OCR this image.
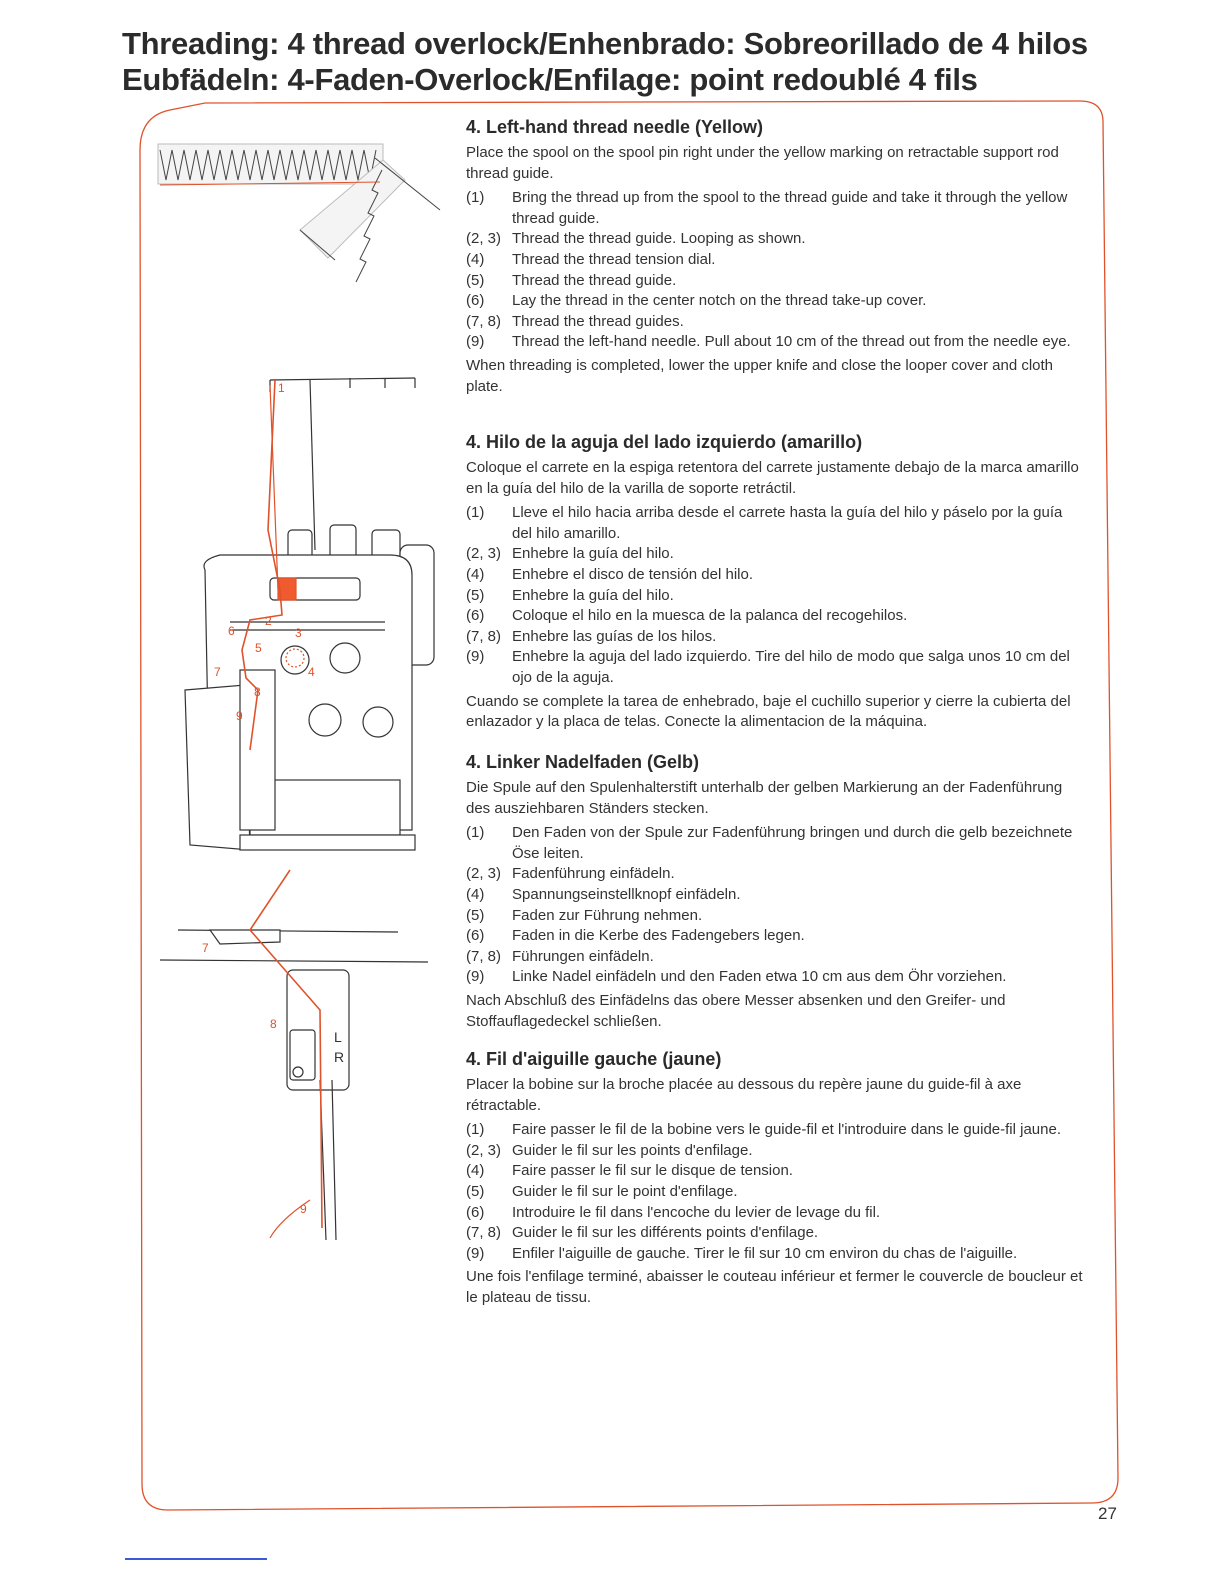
Threading: 4 thread overlock/Enhenbrado: Sobreorillado de 4 hilos
Eubfädeln: 4-Faden-Overlock/Enfilage: point redoublé 4 fils
L
R
1
2
3
4
5
6
7
8
9
7
8
9
4. Left-hand thread needle (Yellow)

Place the spool on the spool pin right under the yellow marking on retractable support rod thread guide.

(1)	Bring the thread up from the spool to the thread guide and take it through the yellow thread guide.
(2, 3) Thread the thread guide. Looping as shown.
(4)	Thread the thread tension dial.
(5)	Thread the thread guide.
(6)	Lay the thread in the center notch on the thread take-up cover.
(7, 8) Thread the thread guides.
(9)	Thread the left-hand needle. Pull about 10 cm of the thread out from the needle eye.

When threading is completed, lower the upper knife and close the looper cover and cloth plate.

4. Hilo de la aguja del lado izquierdo (amarillo)

Coloque el carrete en la espiga retentora del carrete justamente debajo de la marca amarillo en la guía del hilo de la varilla de soporte retráctil.

(1)	Lleve el hilo hacia arriba desde el carrete hasta la guía del hilo y páselo por la guía del hilo amarillo.
(2, 3) Enhebre la guía del hilo.
(4)	Enhebre el disco de tensión del hilo.
(5)	Enhebre la guía del hilo.
(6)	Coloque el hilo en la muesca de la palanca del recogehilos.
(7, 8) Enhebre las guías de los hilos.
(9)	Enhebre la aguja del lado izquierdo. Tire del hilo de modo que salga unos 10 cm del ojo de la aguja.

Cuando se complete la tarea de enhebrado, baje el cuchillo superior y cierre la cubierta del enlazador y la placa de telas. Conecte la alimentacion de la máquina.

4. Linker Nadelfaden (Gelb)

Die Spule auf den Spulenhalterstift unterhalb der gelben Markierung an der Fadenführung des ausziehbaren Ständers stecken.

(1)	Den Faden von der Spule zur Fadenführung bringen und durch die gelb bezeichnete Öse leiten.
(2, 3) Fadenführung einfädeln.
(4)	Spannungseinstellknopf einfädeln.
(5)	Faden zur Führung nehmen.
(6)	Faden in die Kerbe des Fadengebers legen.
(7, 8) Führungen einfädeln.
(9)	Linke Nadel einfädeln und den Faden etwa 10 cm aus dem Öhr vorziehen.

Nach Abschluß des Einfädelns das obere Messer absenken und den Greifer- und Stoffauflagedeckel schließen.

4. Fil d'aiguille gauche (jaune)

Placer la bobine sur la broche placée au dessous du repère jaune du guide-fil à axe rétractable.

(1)	Faire passer le fil de la bobine vers le guide-fil et l'introduire dans le guide-fil jaune.
(2, 3) Guider le fil sur les points d'enfilage.
(4)	Faire passer le fil sur le disque de tension.
(5)	Guider le fil sur le point d'enfilage.
(6)	Introduire le fil dans l'encoche du levier de levage du fil.
(7, 8) Guider le fil sur les différents points d'enfilage.
(9)	Enfiler l'aiguille de gauche. Tirer le fil sur 10 cm environ du chas de l'aiguille.

Une fois l'enfilage terminé, abaisser le couteau inférieur et fermer le couvercle de boucleur et le plateau de tissu.

27
